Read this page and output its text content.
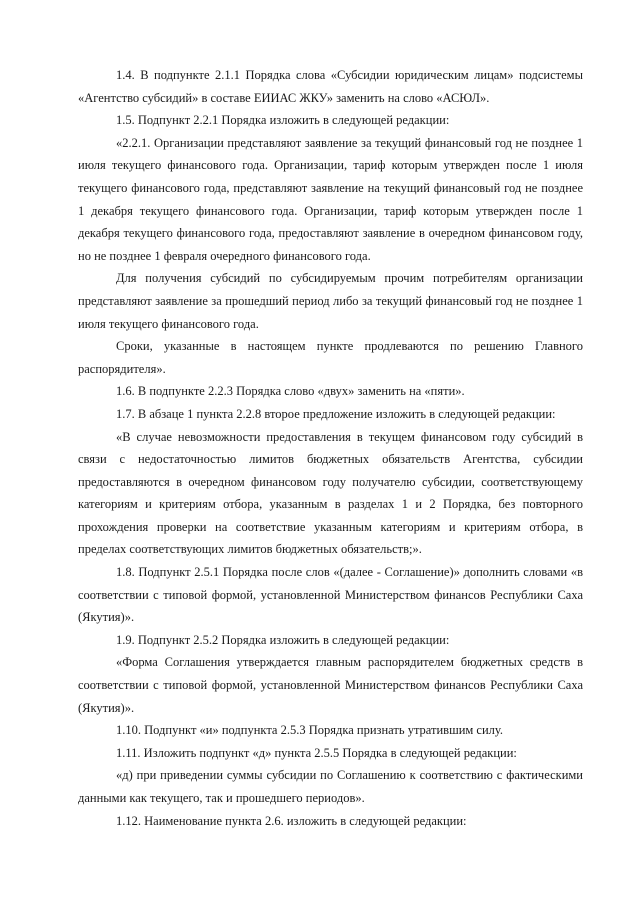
1.4. В подпункте 2.1.1 Порядка слова «Субсидии юридическим лицам» подсистемы «Агентство субсидий» в составе ЕИИАС ЖКУ» заменить на слово «АСЮЛ».

1.5. Подпункт 2.2.1 Порядка изложить в следующей редакции:

«2.2.1. Организации представляют заявление за текущий финансовый год не позднее 1 июля текущего финансового года. Организации, тариф которым утвержден после 1 июля текущего финансового года, представляют заявление на текущий финансовый год не позднее 1 декабря текущего финансового года. Организации, тариф которым утвержден после 1 декабря текущего финансового года, предоставляют заявление в очередном финансовом году, но не позднее 1 февраля очередного финансового года.

Для получения субсидий по субсидируемым прочим потребителям организации представляют заявление за прошедший период либо за текущий финансовый год не позднее 1 июля текущего финансового года.

Сроки, указанные в настоящем пункте продлеваются по решению Главного распорядителя».

1.6. В подпункте 2.2.3 Порядка слово «двух» заменить на «пяти».

1.7. В абзаце 1 пункта 2.2.8 второе предложение изложить в следующей редакции:

«В случае невозможности предоставления в текущем финансовом году субсидий в связи с недостаточностью лимитов бюджетных обязательств Агентства, субсидии предоставляются в очередном финансовом году получателю субсидии, соответствующему категориям и критериям отбора, указанным в разделах 1 и 2 Порядка, без повторного прохождения проверки на соответствие указанным категориям и критериям отбора, в пределах соответствующих лимитов бюджетных обязательств;».

1.8. Подпункт 2.5.1 Порядка после слов «(далее - Соглашение)» дополнить словами «в соответствии с типовой формой, установленной Министерством финансов Республики Саха (Якутия)».

1.9. Подпункт 2.5.2 Порядка изложить в следующей редакции:

«Форма Соглашения утверждается главным распорядителем бюджетных средств в соответствии с типовой формой, установленной Министерством финансов Республики Саха (Якутия)».

1.10. Подпункт «и» подпункта 2.5.3 Порядка признать утратившим силу.

1.11. Изложить подпункт «д» пункта 2.5.5 Порядка в следующей редакции:

«д) при приведении суммы субсидии по Соглашению к соответствию с фактическими данными как текущего, так и прошедшего периодов».

1.12. Наименование пункта 2.6. изложить в следующей редакции:
